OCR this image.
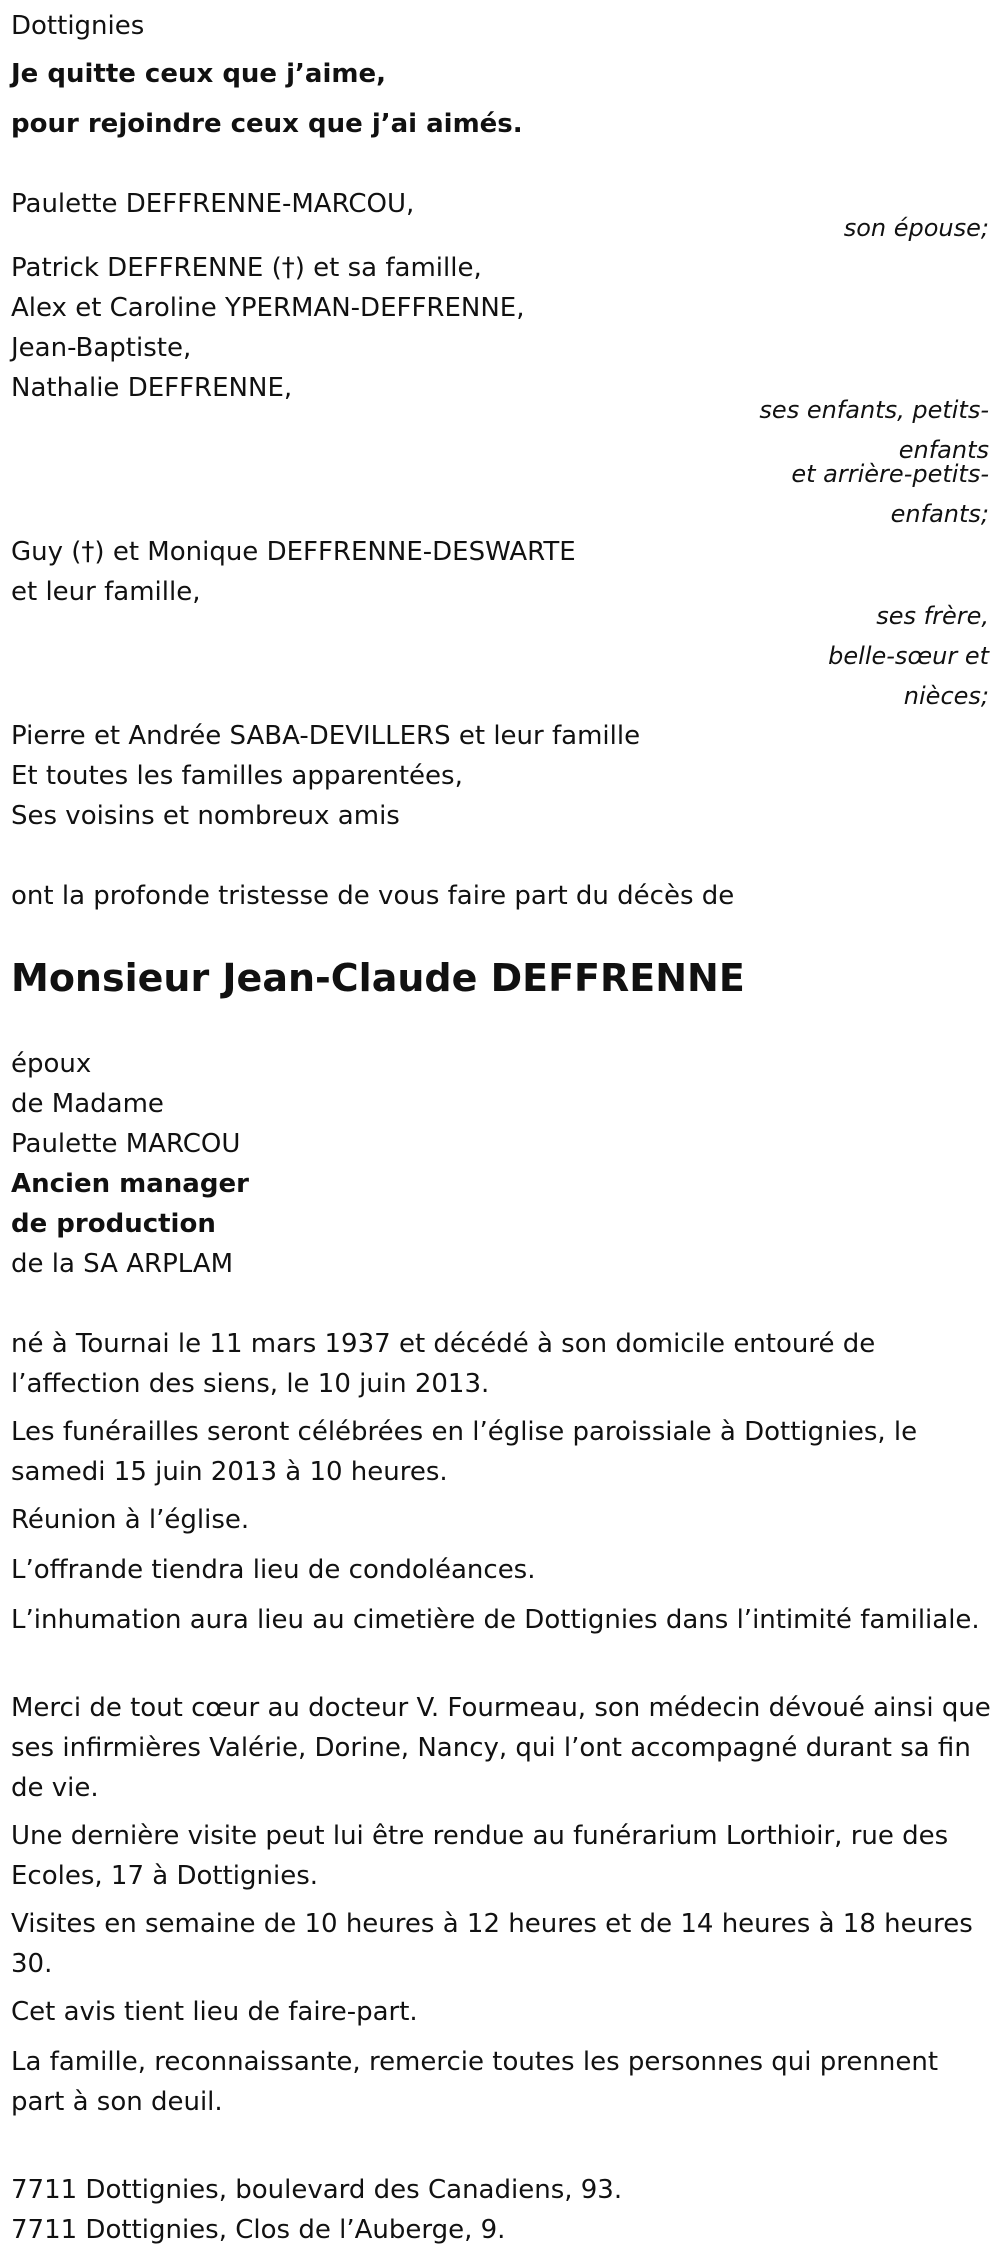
Dottignies
Je quitte ceux que j’aime,
pour rejoindre ceux que j’ai aimés.
Paulette DEFFRENNE-MARCOU,
son épouse;
Patrick DEFFRENNE (†) et sa famille,
Alex et Caroline YPERMAN-DEFFRENNE,
Jean-Baptiste,
Nathalie DEFFRENNE,
ses enfants, petits-
enfants
et arrière-petits-
enfants;
Guy (†) et Monique DEFFRENNE-DESWARTE
et leur famille,
ses frère,
belle-sœur et
nièces;
Pierre et Andrée SABA-DEVILLERS et leur famille
Et toutes les familles apparentées,
Ses voisins et nombreux amis
ont la profonde tristesse de vous faire part du décès de
Monsieur Jean-Claude DEFFRENNE
époux
de Madame
Paulette MARCOU
Ancien manager
de production
de la SA ARPLAM
né à Tournai le 11 mars 1937 et décédé à son domicile entouré de l’affection des siens, le 10 juin 2013.
Les funérailles seront célébrées en l’église paroissiale à Dottignies, le samedi 15 juin 2013 à 10 heures.
Réunion à l’église.
L’offrande tiendra lieu de condoléances.
L’inhumation aura lieu au cimetière de Dottignies dans l’intimité familiale.
Merci de tout cœur au docteur V. Fourmeau, son médecin dévoué ainsi que ses infirmières Valérie, Dorine, Nancy, qui l’ont accompagné durant sa fin de vie.
Une dernière visite peut lui être rendue au funérarium Lorthioir, rue des Ecoles, 17 à Dottignies.
Visites en semaine de 10 heures à 12 heures et de 14 heures à 18 heures 30.
Cet avis tient lieu de faire-part.
La famille, reconnaissante, remercie toutes les personnes qui prennent part à son deuil.
7711 Dottignies, boulevard des Canadiens, 93.
7711 Dottignies, Clos de l’Auberge, 9.
